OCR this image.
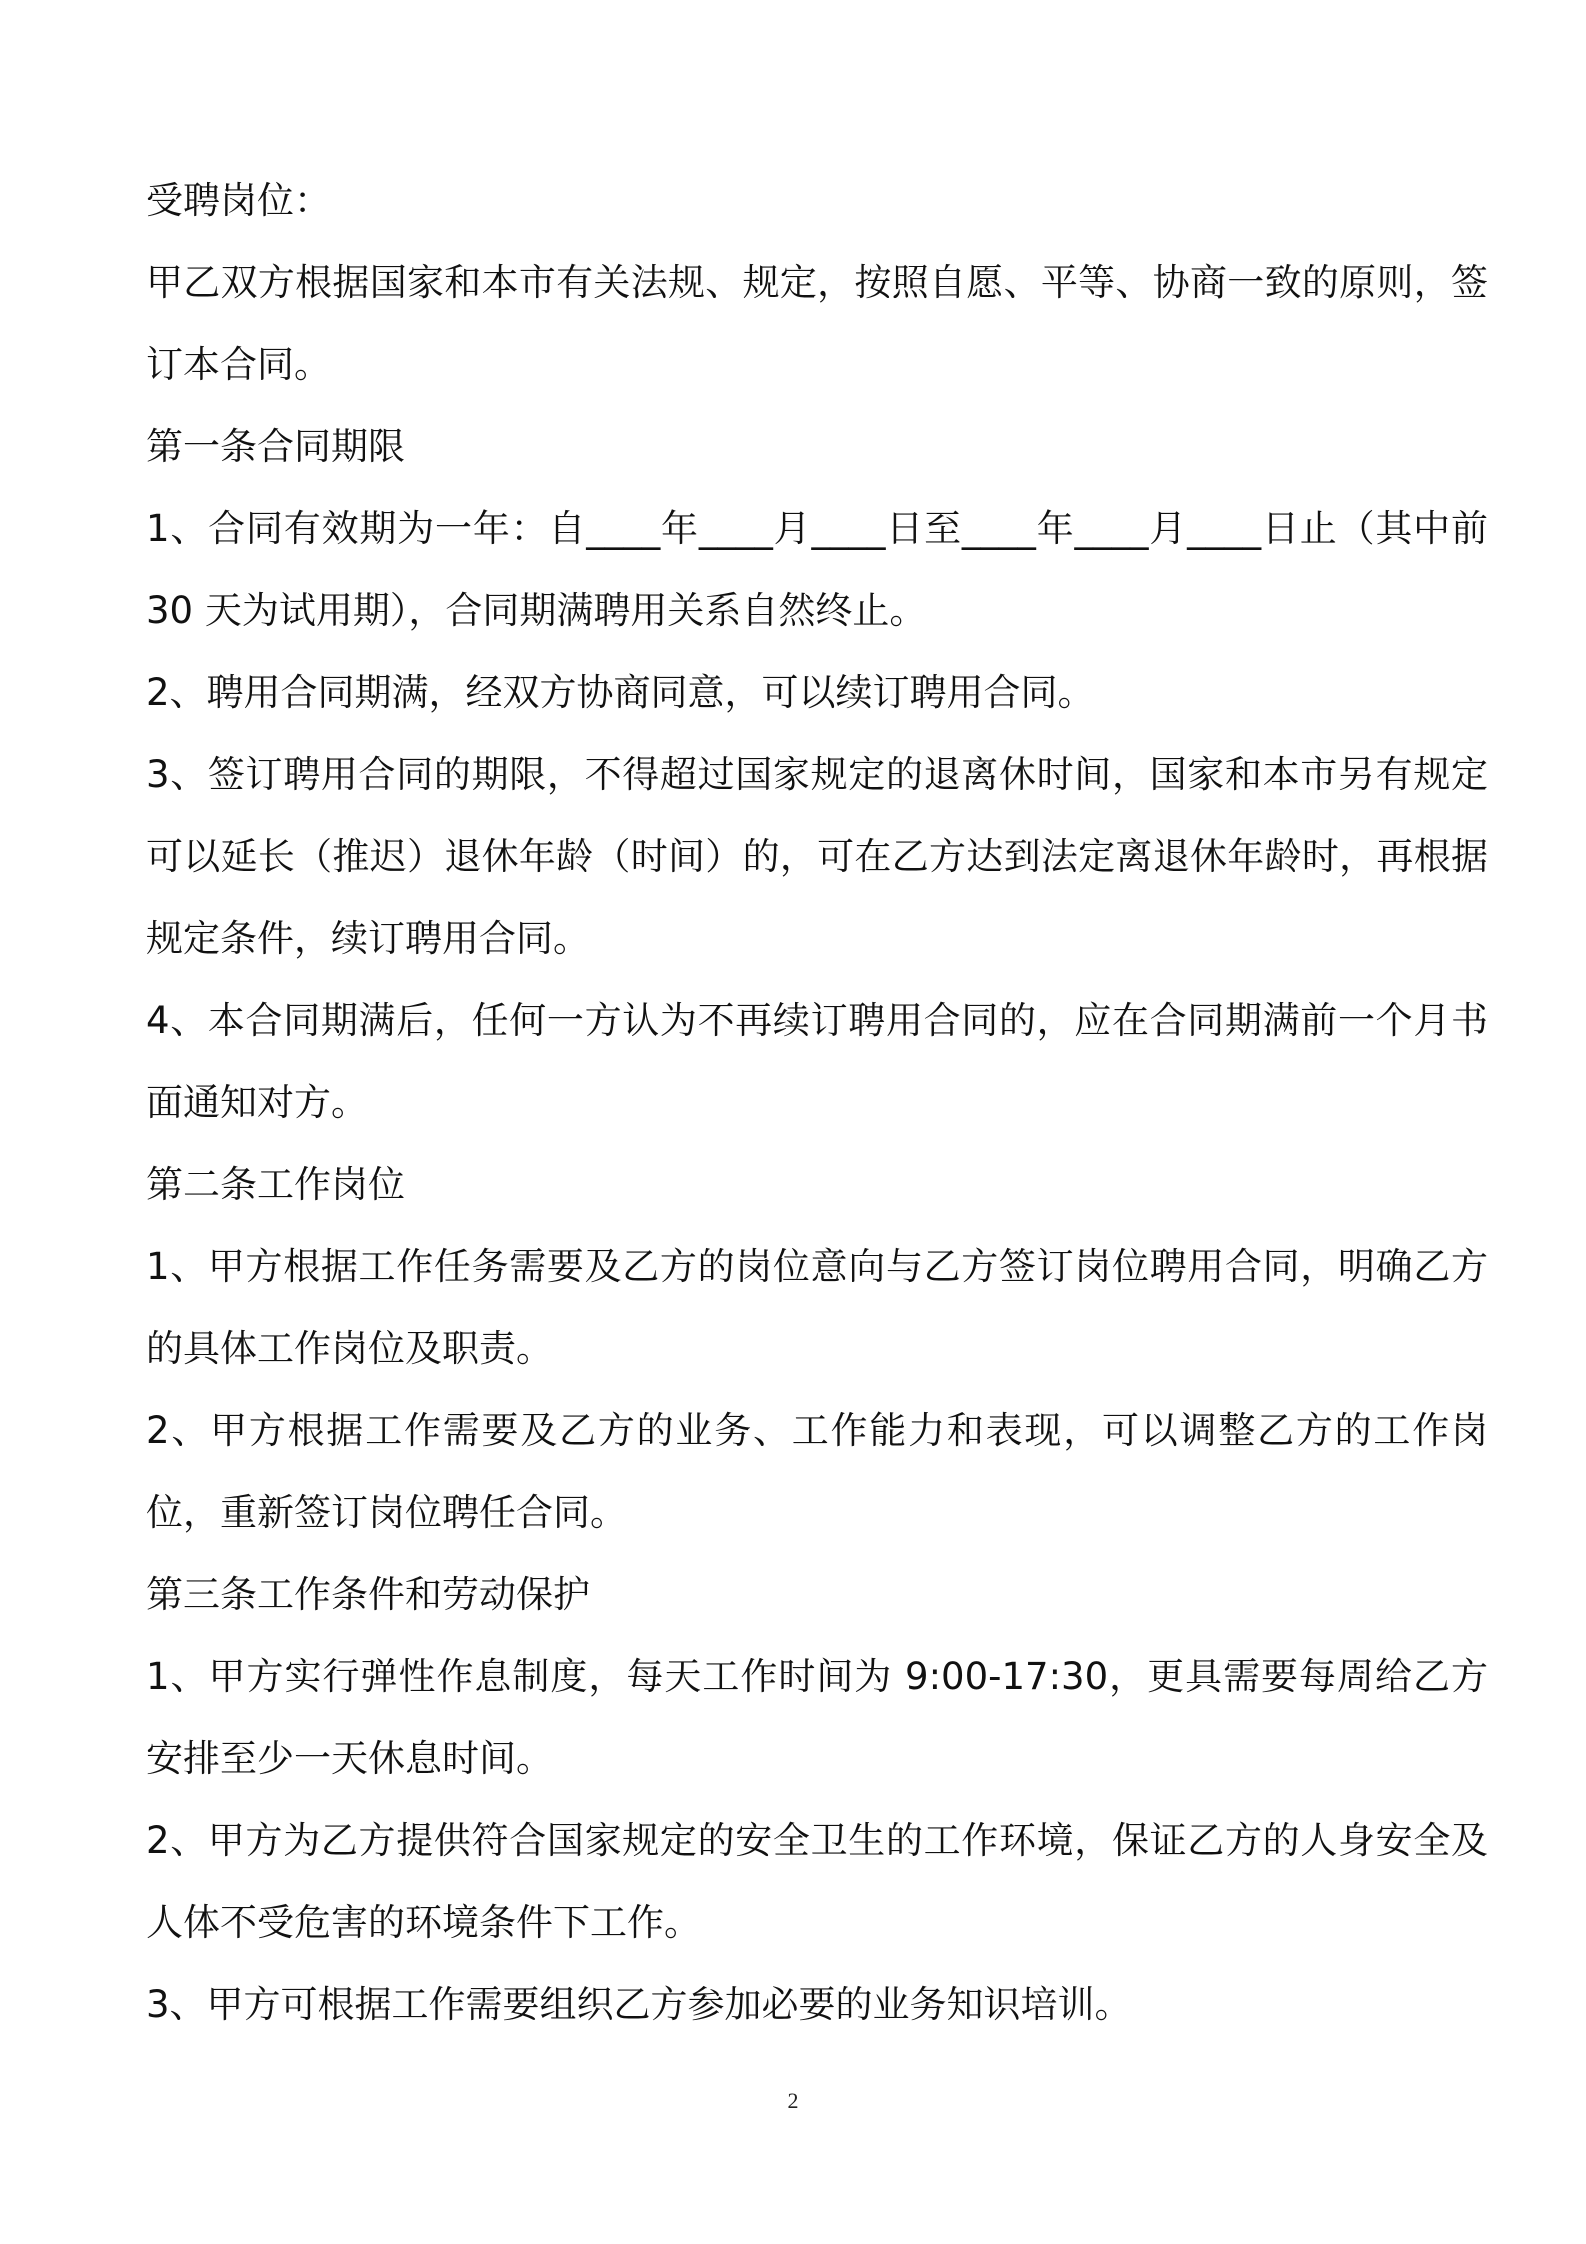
受聘岗位：

甲乙双方根据国家和本市有关法规、规定，按照自愿、平等、协商一致的原则，签订本合同。

第一条合同期限

1、合同有效期为一年：自____年____月____日至____年____月____日止（其中前 30 天为试用期），合同期满聘用关系自然终止。

2、聘用合同期满，经双方协商同意，可以续订聘用合同。

3、签订聘用合同的期限，不得超过国家规定的退离休时间，国家和本市另有规定可以延长（推迟）退休年龄（时间）的，可在乙方达到法定离退休年龄时，再根据规定条件，续订聘用合同。

4、本合同期满后，任何一方认为不再续订聘用合同的，应在合同期满前一个月书面通知对方。

第二条工作岗位

1、甲方根据工作任务需要及乙方的岗位意向与乙方签订岗位聘用合同，明确乙方的具体工作岗位及职责。

2、甲方根据工作需要及乙方的业务、工作能力和表现，可以调整乙方的工作岗位，重新签订岗位聘任合同。

第三条工作条件和劳动保护

1、甲方实行弹性作息制度，每天工作时间为 9:00-17:30，更具需要每周给乙方安排至少一天休息时间。

2、甲方为乙方提供符合国家规定的安全卫生的工作环境，保证乙方的人身安全及人体不受危害的环境条件下工作。

3、甲方可根据工作需要组织乙方参加必要的业务知识培训。

2
